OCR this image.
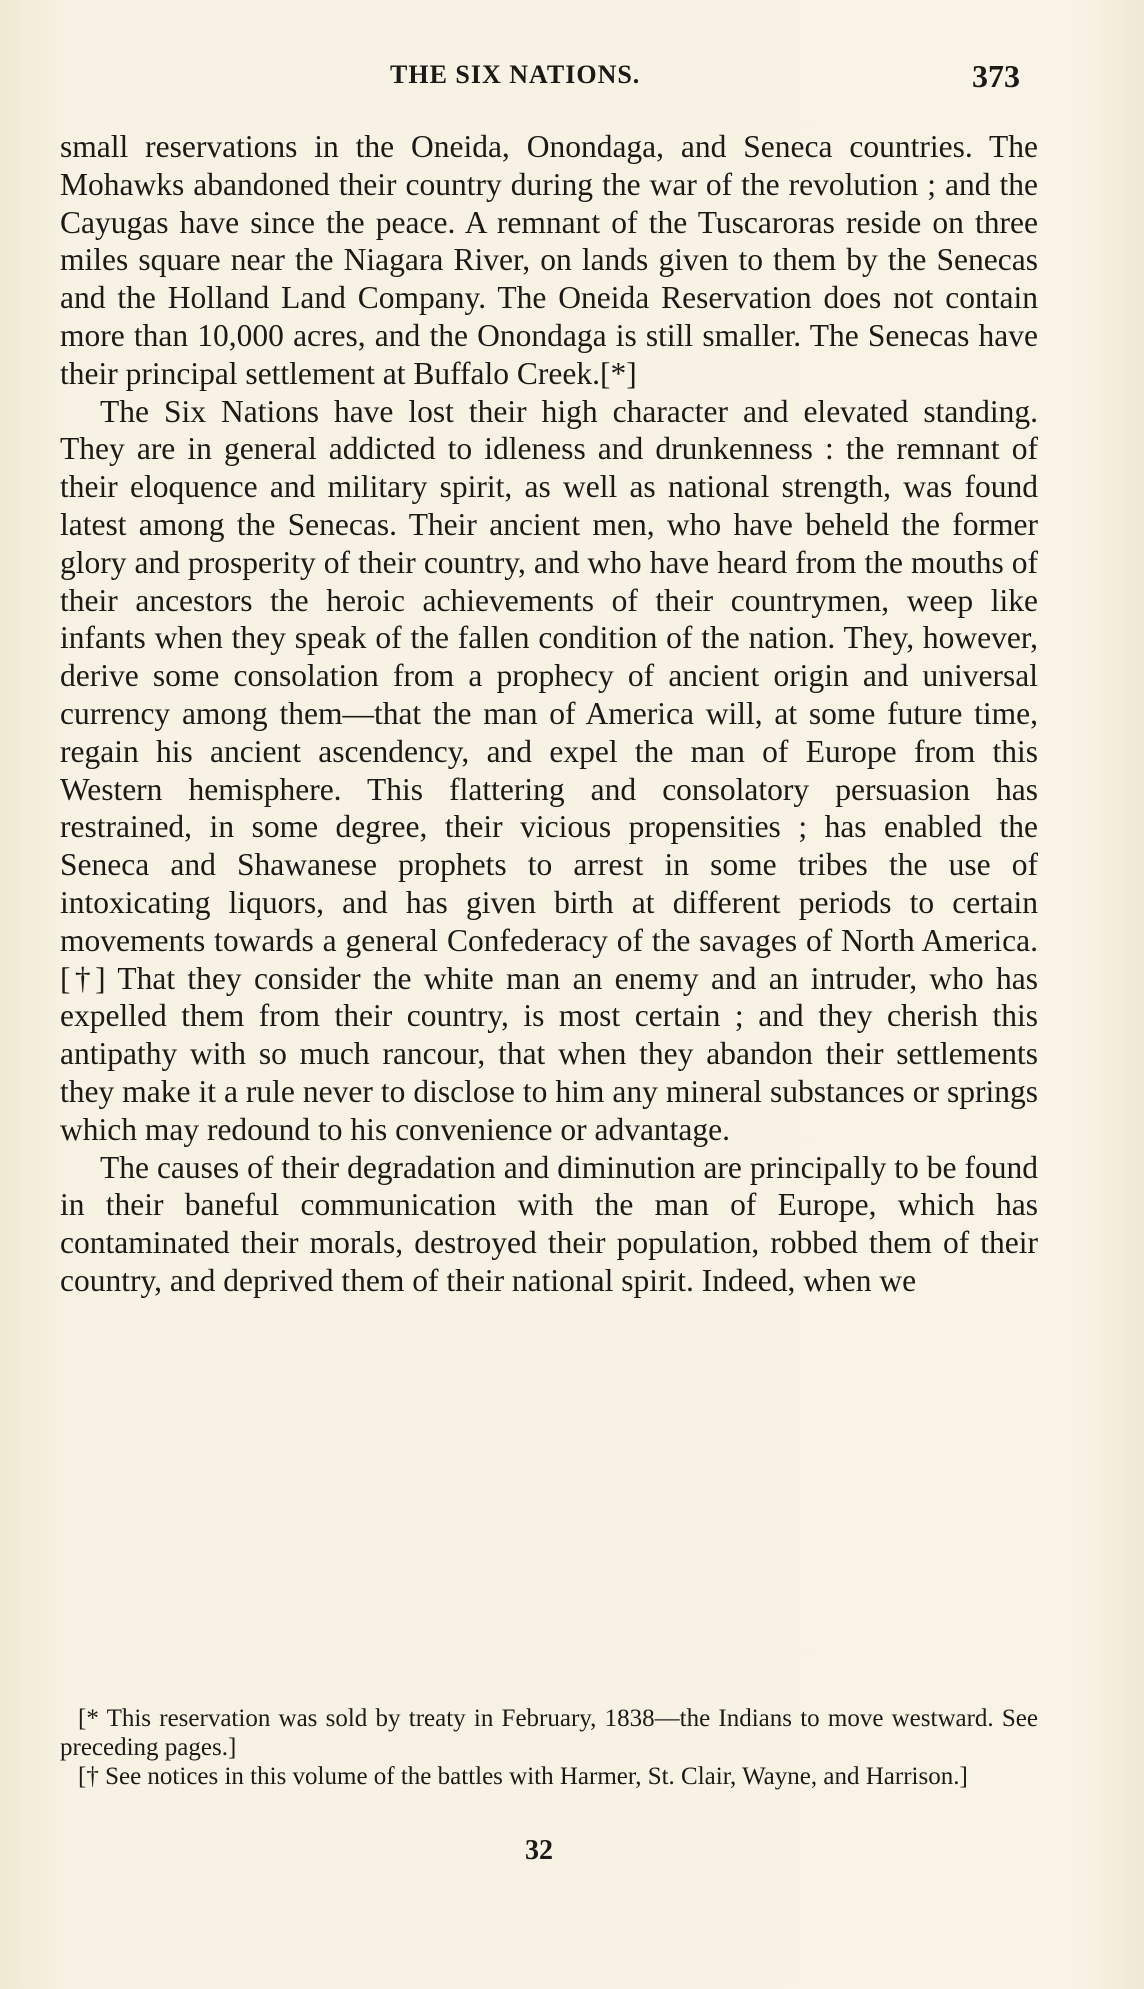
THE SIX NATIONS.	373

small reservations in the Oneida, Onondaga, and Seneca countries. The Mohawks abandoned their country during the war of the revolution ; and the Cayugas have since the peace. A remnant of the Tuscaroras reside on three miles square near the Niagara River, on lands given to them by the Senecas and the Holland Land Company. The Oneida Reservation does not contain more than 10,000 acres, and the Onondaga is still smaller. The Senecas have their principal settlement at Buffalo Creek.[*]

The Six Nations have lost their high character and elevated standing. They are in general addicted to idleness and drunkenness : the remnant of their eloquence and military spirit, as well as national strength, was found latest among the Senecas. Their ancient men, who have beheld the former glory and prosperity of their country, and who have heard from the mouths of their ancestors the heroic achievements of their countrymen, weep like infants when they speak of the fallen condition of the nation. They, however, derive some consolation from a prophecy of ancient origin and universal currency among them—that the man of America will, at some future time, regain his ancient ascendency, and expel the man of Europe from this Western hemisphere. This flattering and consolatory persuasion has restrained, in some degree, their vicious propensities ; has enabled the Seneca and Shawanese prophets to arrest in some tribes the use of intoxicating liquors, and has given birth at different periods to certain movements towards a general Confederacy of the savages of North America.[†] That they consider the white man an enemy and an intruder, who has expelled them from their country, is most certain ; and they cherish this antipathy with so much rancour, that when they abandon their settlements they make it a rule never to disclose to him any mineral substances or springs which may redound to his convenience or advantage.

The causes of their degradation and diminution are principally to be found in their baneful communication with the man of Europe, which has contaminated their morals, destroyed their population, robbed them of their country, and deprived them of their national spirit. Indeed, when we

[* This reservation was sold by treaty in February, 1838—the Indians to move westward. See preceding pages.]

[† See notices in this volume of the battles with Harmer, St. Clair, Wayne, and Harrison.]

32
